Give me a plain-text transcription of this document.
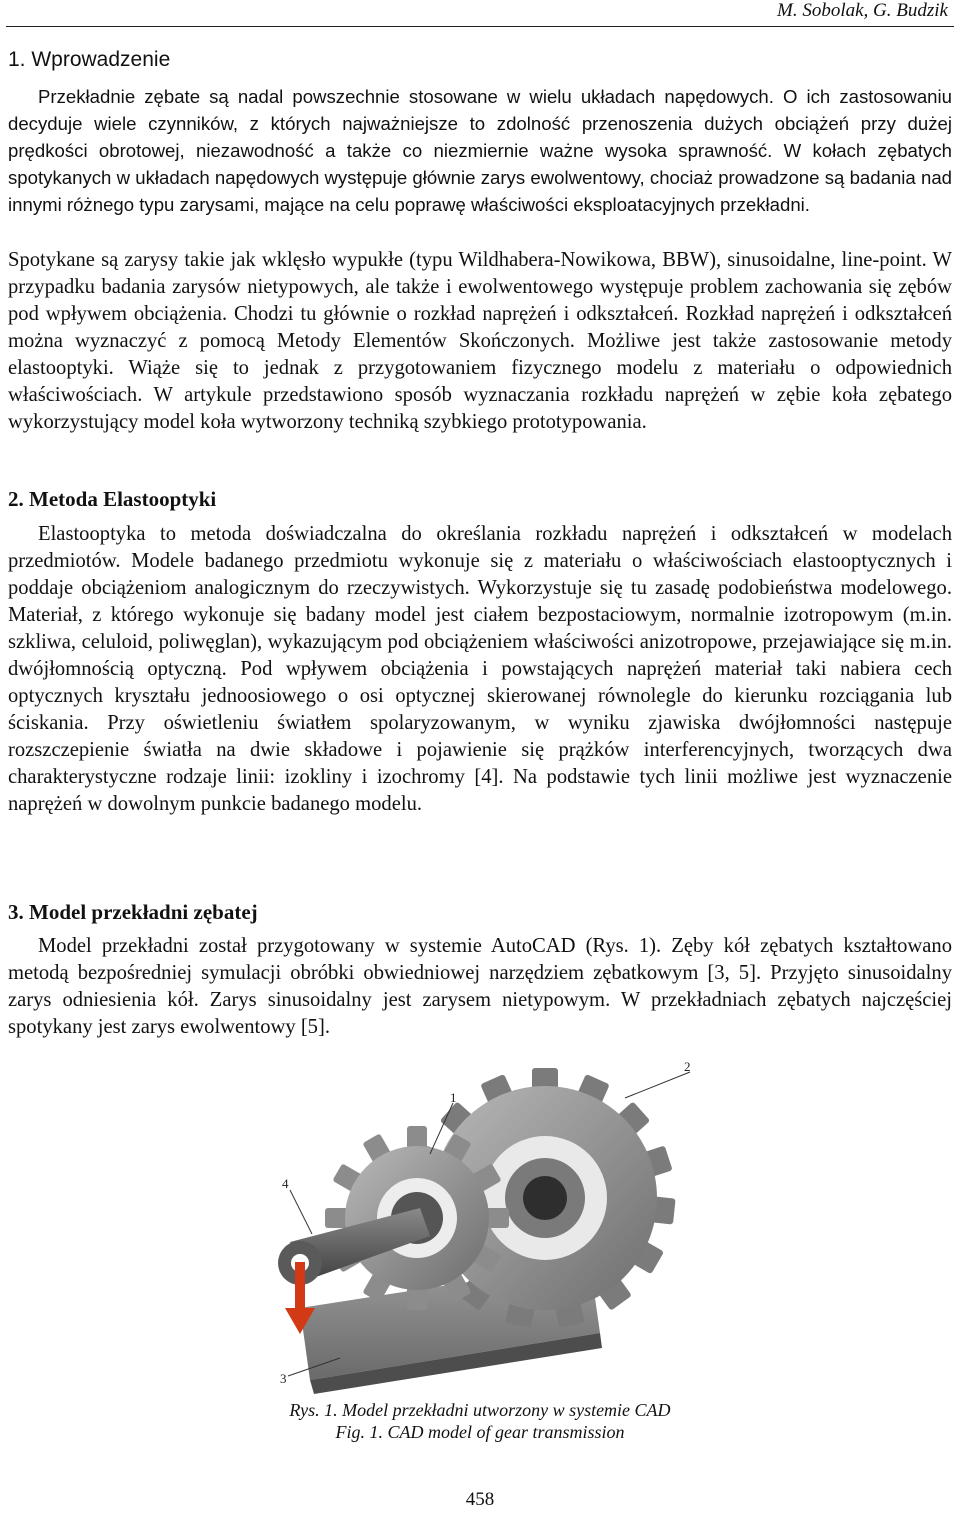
M. Sobolak, G. Budzik
1. Wprowadzenie

Przekładnie zębate są nadal powszechnie stosowane w wielu układach napędowych. O ich zastosowaniu decyduje wiele czynników, z których najważniejsze to zdolność przenoszenia dużych obciążeń przy dużej prędkości obrotowej, niezawodność a także co niezmiernie ważne wysoka sprawność. W kołach zębatych spotykanych w układach napędowych występuje głównie zarys ewolwentowy, chociaż prowadzone są badania nad innymi różnego typu zarysami, mające na celu poprawę właściwości eksploatacyjnych przekładni.

Spotykane są zarysy takie jak wklęsło wypukłe (typu Wildhabera-Nowikowa, BBW), sinusoidalne, line-point. W przypadku badania zarysów nietypowych, ale także i ewolwentowego występuje problem zachowania się zębów pod wpływem obciążenia. Chodzi tu głównie o rozkład naprężeń i odkształceń. Rozkład naprężeń i odkształceń można wyznaczyć z pomocą Metody Elementów Skończonych. Możliwe jest także zastosowanie metody elastooptyki. Wiąże się to jednak z przygotowaniem fizycznego modelu z materiału o odpowiednich właściwościach. W artykule przedstawiono sposób wyznaczania rozkładu naprężeń w zębie koła zębatego wykorzystujący model koła wytworzony techniką szybkiego prototypowania.

2. Metoda Elastooptyki

Elastooptyka to metoda doświadczalna do określania rozkładu naprężeń i odkształceń w modelach przedmiotów. Modele badanego przedmiotu wykonuje się z materiału o właściwościach elastooptycznych i poddaje obciążeniom analogicznym do rzeczywistych. Wykorzystuje się tu zasadę podobieństwa modelowego. Materiał, z którego wykonuje się badany model jest ciałem bezpostaciowym, normalnie izotropowym (m.in. szkliwa, celuloid, poliwęglan), wykazującym pod obciążeniem właściwości anizotropowe, przejawiające się m.in. dwójłomnością optyczną. Pod wpływem obciążenia i powstających naprężeń materiał taki nabiera cech optycznych kryształu jednoosiowego o osi optycznej skierowanej równolegle do kierunku rozciągania lub ściskania. Przy oświetleniu światłem spolaryzowanym, w wyniku zjawiska dwójłomności następuje rozszczepienie światła na dwie składowe i pojawienie się prążków interferencyjnych, tworzących dwa charakterystyczne rodzaje linii: izokliny i izochromy [4]. Na podstawie tych linii możliwe jest wyznaczenie naprężeń w dowolnym punkcie badanego modelu.

3. Model przekładni zębatej

Model przekładni został przygotowany w systemie AutoCAD (Rys. 1). Zęby kół zębatych kształtowano metodą bezpośredniej symulacji obróbki obwiedniowej narzędziem zębatkowym [3, 5]. Przyjęto sinusoidalny zarys odniesienia kół. Zarys sinusoidalny jest zarysem nietypowym. W przekładniach zębatych najczęściej spotykany jest zarys ewolwentowy [5].

1
2
3
4

Rys. 1. Model przekładni utworzony w systemie CAD

Fig. 1. CAD model of gear transmission

458
